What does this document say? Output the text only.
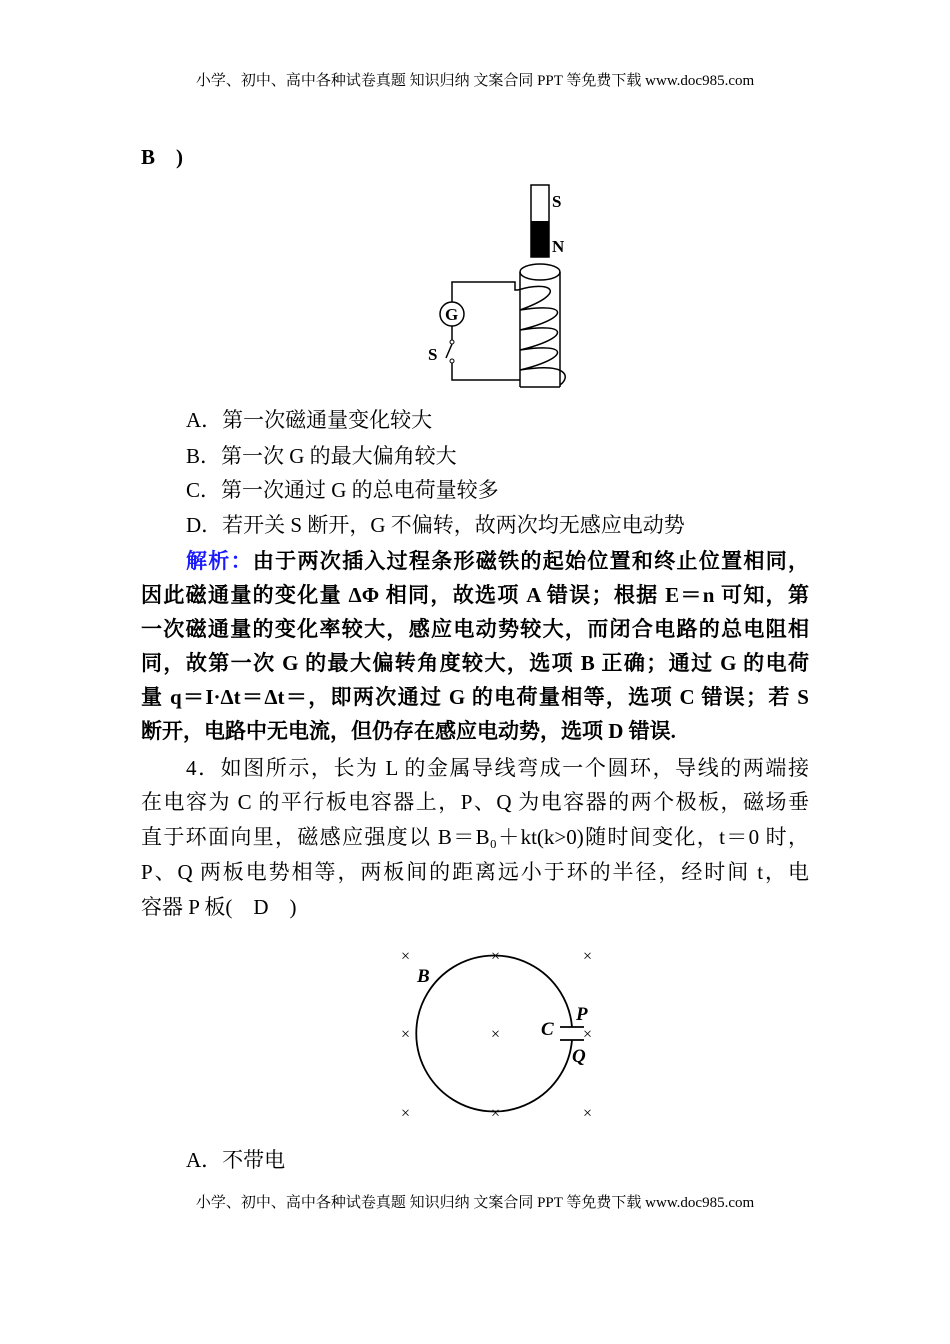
小学、初中、高中各种试卷真题 知识归纳 文案合同 PPT 等免费下载 www.doc985.com
B　)
S
N
G
S
A．第一次磁通量变化较大
B．第一次 G 的最大偏角较大
C．第一次通过 G 的总电荷量较多
D．若开关 S 断开，G 不偏转，故两次均无感应电动势
解析：由于两次插入过程条形磁铁的起始位置和终止位置相同，
因此磁通量的变化量 ΔΦ 相同，故选项 A 错误；根据 E＝n 可知，第
一次磁通量的变化率较大，感应电动势较大，而闭合电路的总电阻相
同，故第一次 G 的最大偏转角度较大，选项 B 正确；通过 G 的电荷
量 q＝I·Δt＝Δt＝，即两次通过 G 的电荷量相等，选项 C 错误；若 S
断开，电路中无电流，但仍存在感应电动势，选项 D 错误.
4．如图所示，长为 L 的金属导线弯成一个圆环，导线的两端接
在电容为 C 的平行板电容器上，P、Q 为电容器的两个极板，磁场垂
直于环面向里，磁感应强度以 B＝B₀＋kt(k>0)随时间变化，t＝0 时，
P、Q 两板电势相等，两板间的距离远小于环的半径，经时间 t，电
容器 P 板(　D　)
×	×	×
×	×	×
×	×	×
B
C
P
Q
A．不带电
小学、初中、高中各种试卷真题 知识归纳 文案合同 PPT 等免费下载 www.doc985.com
